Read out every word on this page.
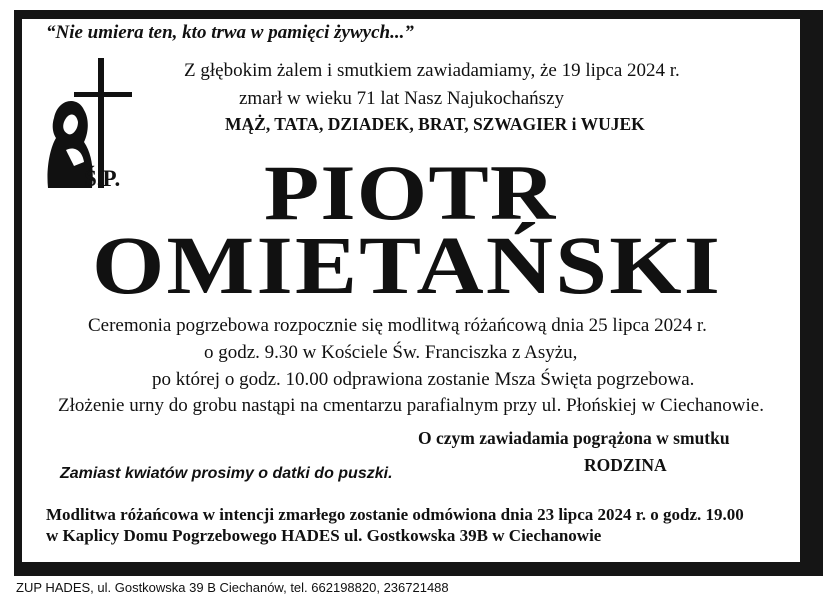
“Nie umiera ten, kto trwa w pamięci żywych...”
Z głębokim żalem i smutkiem zawiadamiamy, że 19 lipca 2024 r.
zmarł w wieku 71 lat Nasz Najukochańszy
MĄŻ, TATA, DZIADEK, BRAT, SZWAGIER i WUJEK
Ś.P. PIOTR
OMIETAŃSKI
Ceremonia pogrzebowa rozpocznie się modlitwą różańcową dnia 25 lipca 2024 r.
o godz. 9.30 w Kościele Św. Franciszka z Asyżu,
po której o godz. 10.00 odprawiona zostanie Msza Święta pogrzebowa.
Złożenie urny do grobu nastąpi na cmentarzu parafialnym przy ul. Płońskiej w Ciechanowie.
O czym zawiadamia pogrążona w smutku
RODZINA
Zamiast kwiatów prosimy o datki do puszki.
Modlitwa różańcowa w intencji zmarłego zostanie odmówiona dnia 23 lipca 2024 r. o godz. 19.00
w Kaplicy Domu Pogrzebowego HADES ul. Gostkowska 39B w Ciechanowie
ZUP HADES, ul. Gostkowska 39 B Ciechanów, tel. 662198820, 236721488
